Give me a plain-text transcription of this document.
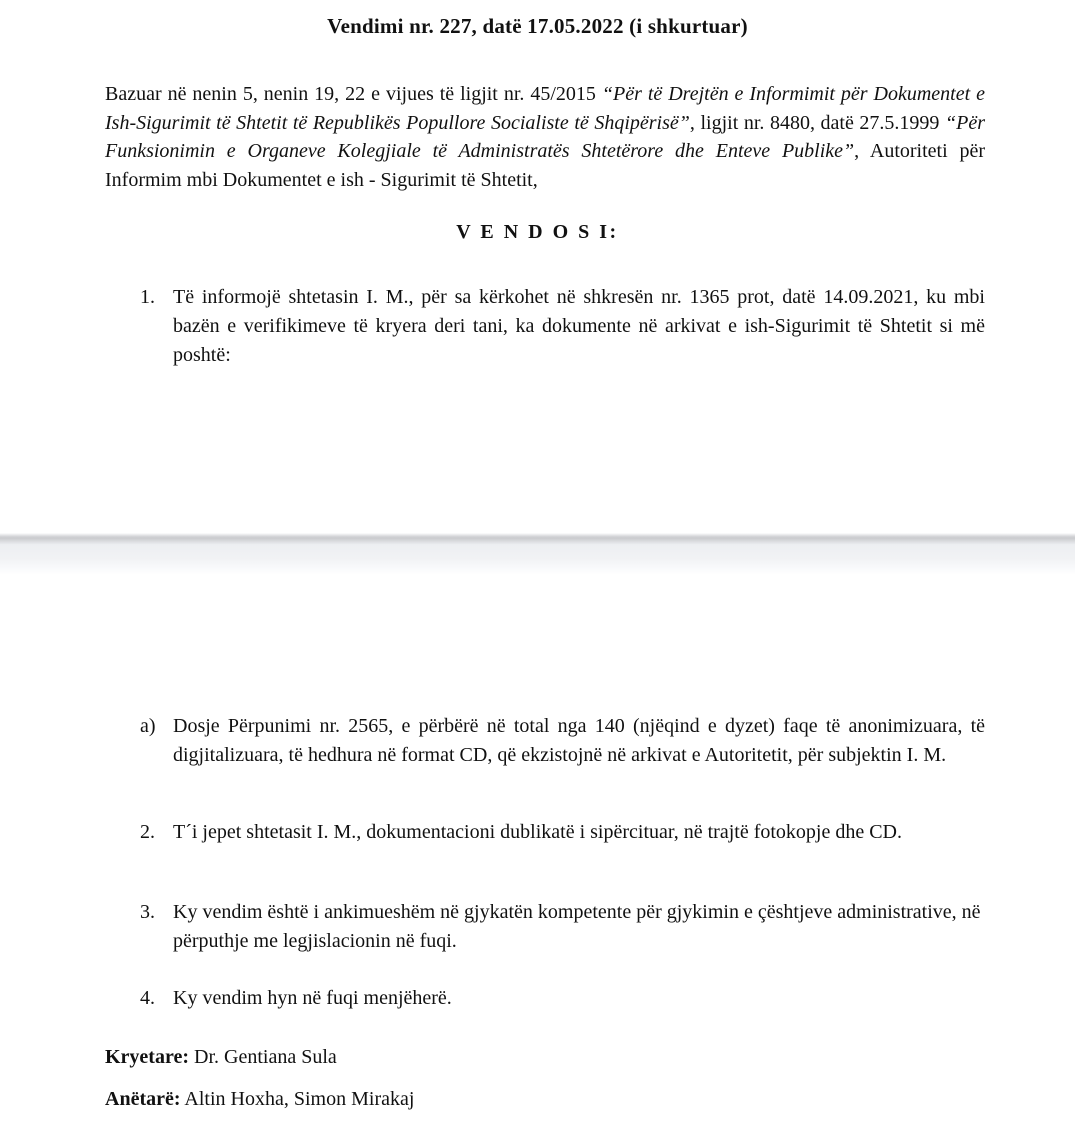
Vendimi nr. 227, datë 17.05.2022 (i shkurtuar)

Bazuar në nenin 5, nenin 19, 22 e vijues të ligjit nr. 45/2015 “Për të Drejtën e Informimit për Dokumentet e Ish-Sigurimit të Shtetit të Republikës Popullore Socialiste të Shqipërisë”, ligjit nr. 8480, datë 27.5.1999 “Për Funksionimin e Organeve Kolegjiale të Administratës Shtetërore dhe Enteve Publike”, Autoriteti për Informim mbi Dokumentet e ish - Sigurimit të Shtetit,

V E N D O S I:
1. Të informojë shtetasin I. M., për sa kërkohet në shkresën nr. 1365 prot, datë 14.09.2021, ku mbi bazën e verifikimeve të kryera deri tani, ka dokumente në arkivat e ish-Sigurimit të Shtetit si më poshtë:
a) Dosje Përpunimi nr. 2565, e përbërë në total nga 140 (njëqind e dyzet) faqe të anonimizuara, të digjitalizuara, të hedhura në format CD, që ekzistojnë në arkivat e Autoritetit, për subjektin I. M.
2. T´i jepet shtetasit I. M., dokumentacioni dublikatë i sipërcituar, në trajtë fotokopje dhe CD.
3. Ky vendim është i ankimueshëm në gjykatën kompetente për gjykimin e çështjeve administrative, në përputhje me legjislacionin në fuqi.
4. Ky vendim hyn në fuqi menjëherë.
Kryetare: Dr. Gentiana Sula
Anëtarë: Altin Hoxha, Simon Mirakaj
